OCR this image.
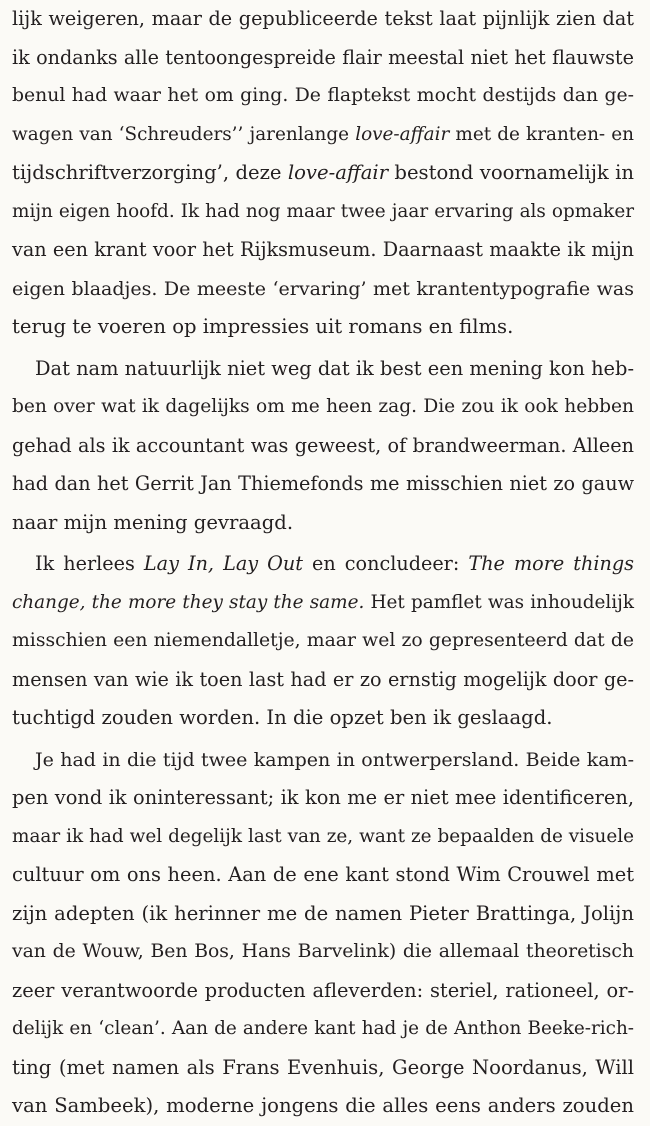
lijk weigeren, maar de gepubliceerde tekst laat pijnlijk zien dat
ik ondanks alle tentoongespreide flair meestal niet het flauwste
benul had waar het om ging. De flaptekst mocht destijds dan ge-
wagen van ‘Schreuders’’ jarenlange love-affair met de kranten- en
tijdschriftverzorging’, deze love-affair bestond voornamelijk in
mijn eigen hoofd. Ik had nog maar twee jaar ervaring als opmaker
van een krant voor het Rijksmuseum. Daarnaast maakte ik mijn
eigen blaadjes. De meeste ‘ervaring’ met krantentypografie was
terug te voeren op impressies uit romans en films.
Dat nam natuurlijk niet weg dat ik best een mening kon heb-
ben over wat ik dagelijks om me heen zag. Die zou ik ook hebben
gehad als ik accountant was geweest, of brandweerman. Alleen
had dan het Gerrit Jan Thiemefonds me misschien niet zo gauw
naar mijn mening gevraagd.
Ik herlees Lay In, Lay Out en concludeer: The more things
change, the more they stay the same. Het pamflet was inhoudelijk
misschien een niemendalletje, maar wel zo gepresenteerd dat de
mensen van wie ik toen last had er zo ernstig mogelijk door ge-
tuchtigd zouden worden. In die opzet ben ik geslaagd.
Je had in die tijd twee kampen in ontwerpersland. Beide kam-
pen vond ik oninteressant; ik kon me er niet mee identificeren,
maar ik had wel degelijk last van ze, want ze bepaalden de visuele
cultuur om ons heen. Aan de ene kant stond Wim Crouwel met
zijn adepten (ik herinner me de namen Pieter Brattinga, Jolijn
van de Wouw, Ben Bos, Hans Barvelink) die allemaal theoretisch
zeer verantwoorde producten afleverden: steriel, rationeel, or-
delijk en ‘clean’. Aan de andere kant had je de Anthon Beeke-rich-
ting (met namen als Frans Evenhuis, George Noordanus, Will
van Sambeek), moderne jongens die alles eens anders zouden
